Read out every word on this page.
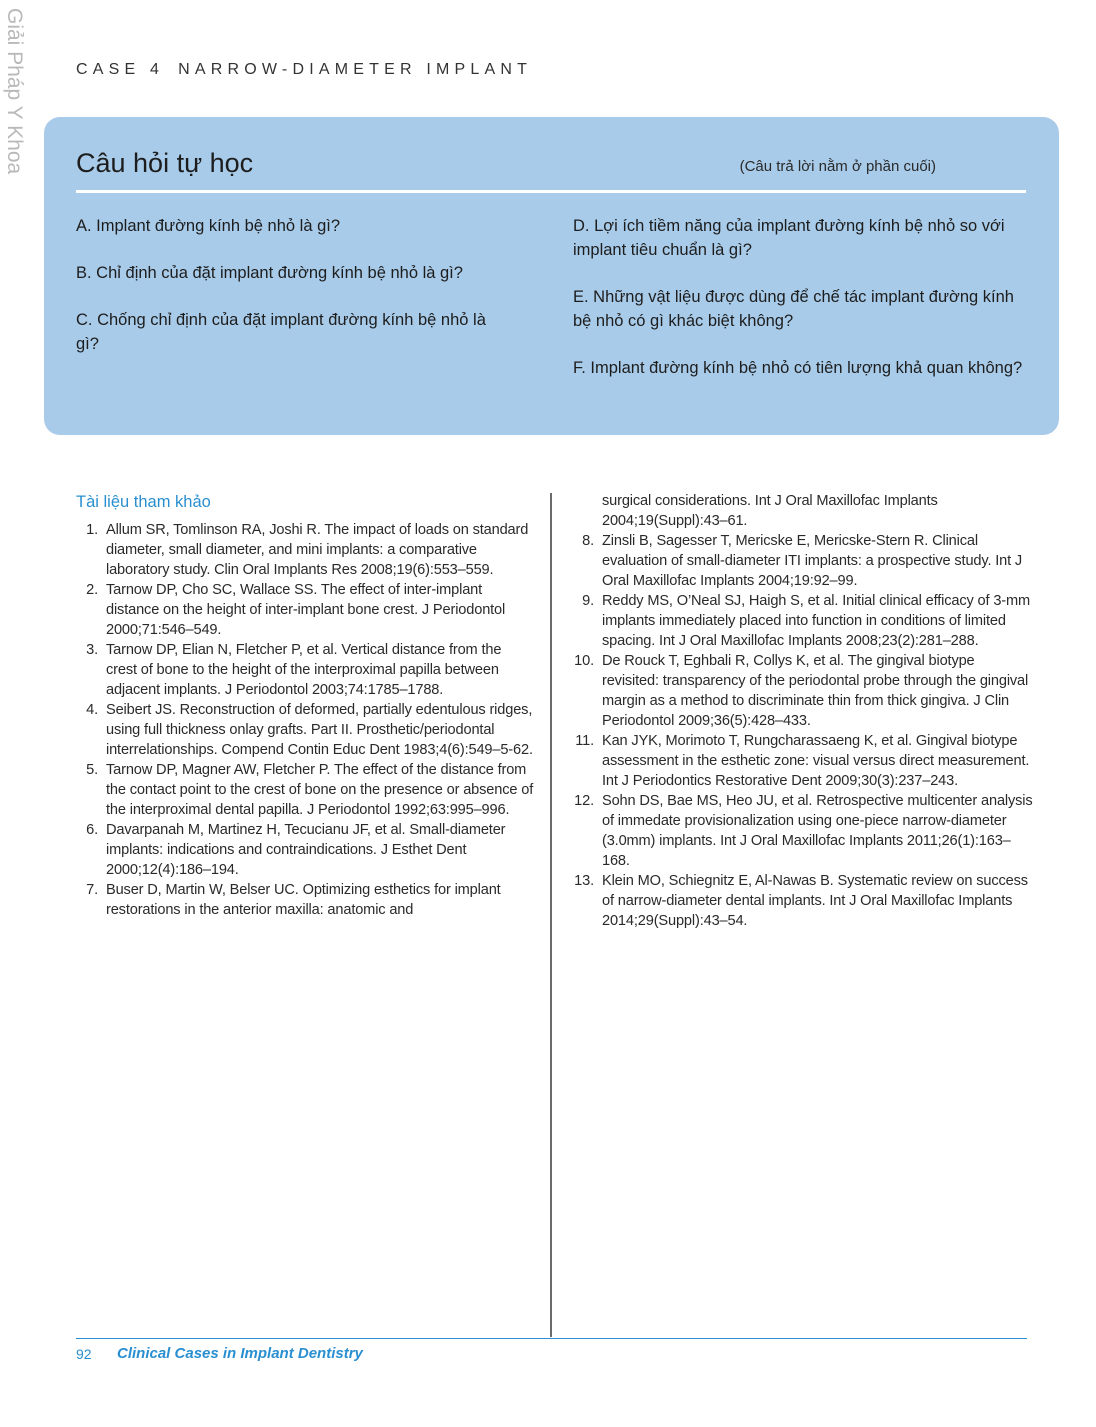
Giải Pháp Y Khoa	CASE 4 NARROW-DIAMETER IMPLANT
Câu hỏi tự học	(Câu trả lời nằm ở phần cuối)

A. Implant đường kính bệ nhỏ là gì?

B. Chỉ định của đặt implant đường kính bệ nhỏ là gì?

C. Chống chỉ định của đặt implant đường kính bệ nhỏ là gì?

D. Lợi ích tiềm năng của implant đường kính bệ nhỏ so với implant tiêu chuẩn là gì?

E. Những vật liệu được dùng để chế tác implant đường kính bệ nhỏ có gì khác biệt không?

F. Implant đường kính bệ nhỏ có tiên lượng khả quan không?

Tài liệu tham khảo
1. Allum SR, Tomlinson RA, Joshi R. The impact of loads on standard diameter, small diameter, and mini implants: a comparative laboratory study. Clin Oral Implants Res 2008;19(6):553–559.
2. Tarnow DP, Cho SC, Wallace SS. The effect of inter-implant distance on the height of inter-implant bone crest. J Periodontol 2000;71:546–549.
3. Tarnow DP, Elian N, Fletcher P, et al. Vertical distance from the crest of bone to the height of the interproximal papilla between adjacent implants. J Periodontol 2003;74:1785–1788.
4. Seibert JS. Reconstruction of deformed, partially edentulous ridges, using full thickness onlay grafts. Part II. Prosthetic/periodontal interrelationships. Compend Contin Educ Dent 1983;4(6):549–5-62.
5. Tarnow DP, Magner AW, Fletcher P. The effect of the distance from the contact point to the crest of bone on the presence or absence of the interproximal dental papilla. J Periodontol 1992;63:995–996.
6. Davarpanah M, Martinez H, Tecucianu JF, et al. Small-diameter implants: indications and contraindications. J Esthet Dent 2000;12(4):186–194.
7. Buser D, Martin W, Belser UC. Optimizing esthetics for implant restorations in the anterior maxilla: anatomic and
surgical considerations. Int J Oral Maxillofac Implants 2004;19(Suppl):43–61.
8. Zinsli B, Sagesser T, Mericske E, Mericske-Stern R. Clinical evaluation of small-diameter ITI implants: a prospective study. Int J Oral Maxillofac Implants 2004;19:92–99.
9. Reddy MS, O’Neal SJ, Haigh S, et al. Initial clinical efficacy of 3-mm implants immediately placed into function in conditions of limited spacing. Int J Oral Maxillofac Implants 2008;23(2):281–288.
10. De Rouck T, Eghbali R, Collys K, et al. The gingival biotype revisited: transparency of the periodontal probe through the gingival margin as a method to discriminate thin from thick gingiva. J Clin Periodontol 2009;36(5):428–433.
11. Kan JYK, Morimoto T, Rungcharassaeng K, et al. Gingival biotype assessment in the esthetic zone: visual versus direct measurement. Int J Periodontics Restorative Dent 2009;30(3):237–243.
12. Sohn DS, Bae MS, Heo JU, et al. Retrospective multicenter analysis of immedate provisionalization using one-piece narrow-diameter (3.0mm) implants. Int J Oral Maxillofac Implants 2011;26(1):163–168.
13. Klein MO, Schiegnitz E, Al-Nawas B. Systematic review on success of narrow-diameter dental implants. Int J Oral Maxillofac Implants 2014;29(Suppl):43–54.
92 Clinical Cases in Implant Dentistry
